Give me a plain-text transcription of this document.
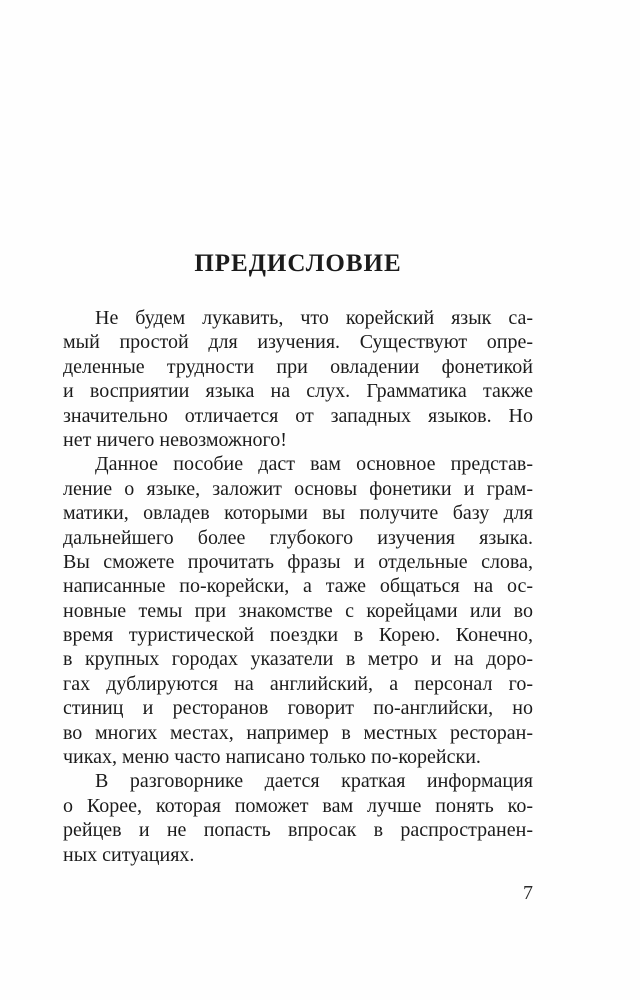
ПРЕДИСЛОВИЕ

Не будем лукавить, что корейский язык са-
мый простой для изучения. Существуют опре-
деленные трудности при овладении фонетикой
и восприятии языка на слух. Грамматика также
значительно отличается от западных языков. Но
нет ничего невозможного!

Данное пособие даст вам основное представ-
ление о языке, заложит основы фонетики и грам-
матики, овладев которыми вы получите базу для
дальнейшего более глубокого изучения языка.
Вы сможете прочитать фразы и отдельные слова,
написанные по-корейски, а таже общаться на ос-
новные темы при знакомстве с корейцами или во
время туристической поездки в Корею. Конечно,
в крупных городах указатели в метро и на доро-
гах дублируются на английский, а персонал го-
стиниц и ресторанов говорит по-английски, но
во многих местах, например в местных ресторан-
чиках, меню часто написано только по-корейски.

В разговорнике дается краткая информация
о Корее, которая поможет вам лучше понять ко-
рейцев и не попасть впросак в распространен-
ных ситуациях.

7
